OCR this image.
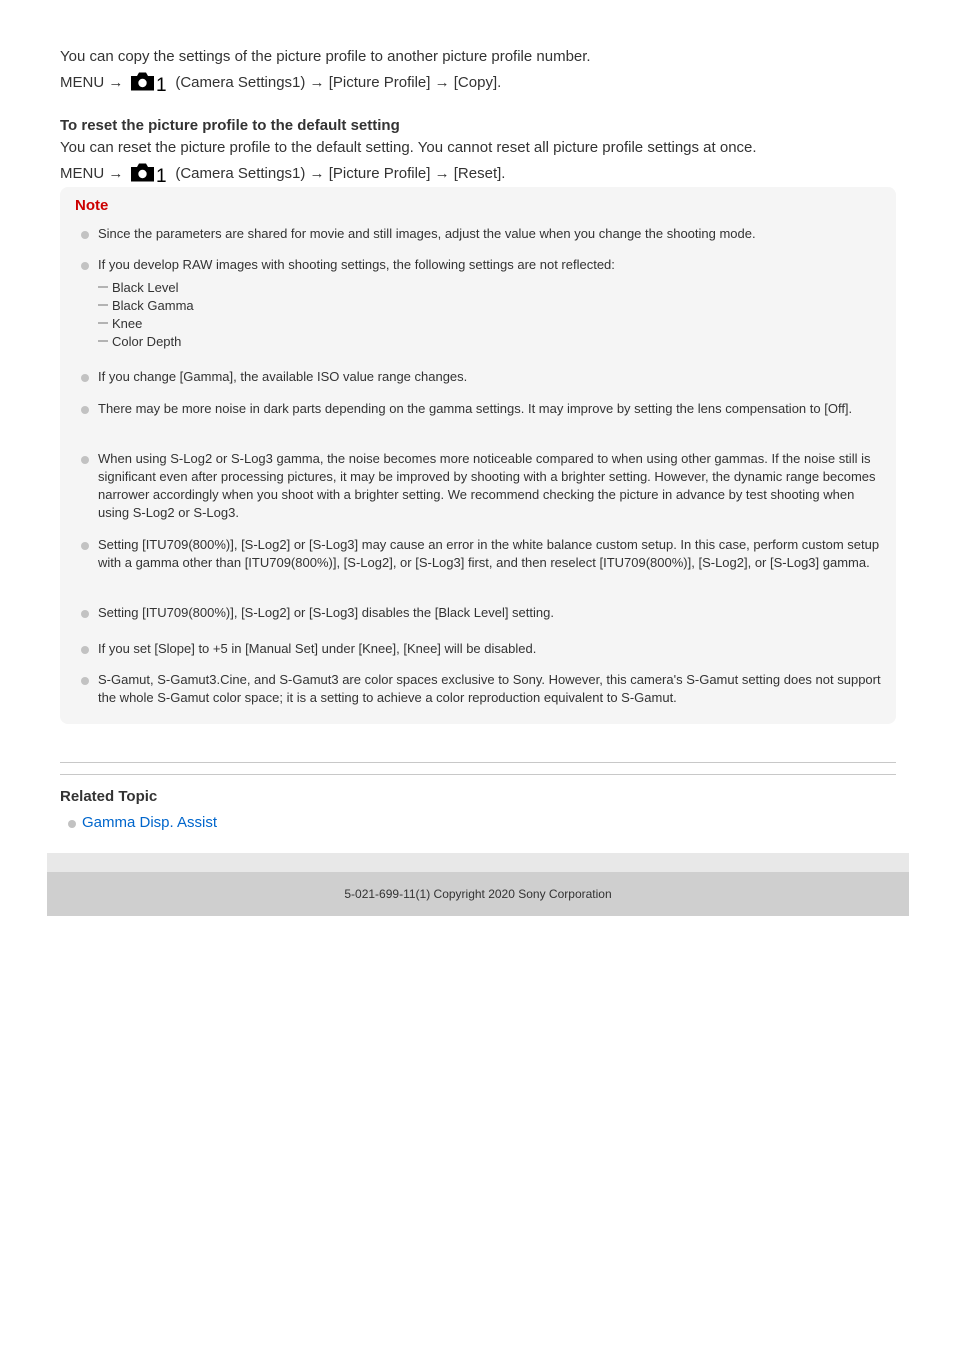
You can copy the settings of the picture profile to another picture profile number.

MENU → 1 (Camera Settings1) → [Picture Profile] → [Copy].

To reset the picture profile to the default setting

You can reset the picture profile to the default setting. You cannot reset all picture profile settings at once.

MENU → 1 (Camera Settings1) → [Picture Profile] → [Reset].

Note
Since the parameters are shared for movie and still images, adjust the value when you change the shooting mode.
If you develop RAW images with shooting settings, the following settings are not reflected:
Black Level
Black Gamma
Knee
Color Depth
If you change [Gamma], the available ISO value range changes.
There may be more noise in dark parts depending on the gamma settings. It may improve by setting the lens compensation to [Off].
When using S-Log2 or S-Log3 gamma, the noise becomes more noticeable compared to when using other gammas. If the noise still is significant even after processing pictures, it may be improved by shooting with a brighter setting. However, the dynamic range becomes narrower accordingly when you shoot with a brighter setting. We recommend checking the picture in advance by test shooting when using S-Log2 or S-Log3.
Setting [ITU709(800%)], [S-Log2] or [S-Log3] may cause an error in the white balance custom setup. In this case, perform custom setup with a gamma other than [ITU709(800%)], [S-Log2], or [S-Log3] first, and then reselect [ITU709(800%)], [S-Log2], or [S-Log3] gamma.
Setting [ITU709(800%)], [S-Log2] or [S-Log3] disables the [Black Level] setting.
If you set [Slope] to +5 in [Manual Set] under [Knee], [Knee] will be disabled.
S-Gamut, S-Gamut3.Cine, and S-Gamut3 are color spaces exclusive to Sony. However, this camera's S-Gamut setting does not support the whole S-Gamut color space; it is a setting to achieve a color reproduction equivalent to S-Gamut.
Related Topic
Gamma Disp. Assist
5-021-699-11(1) Copyright 2020 Sony Corporation
